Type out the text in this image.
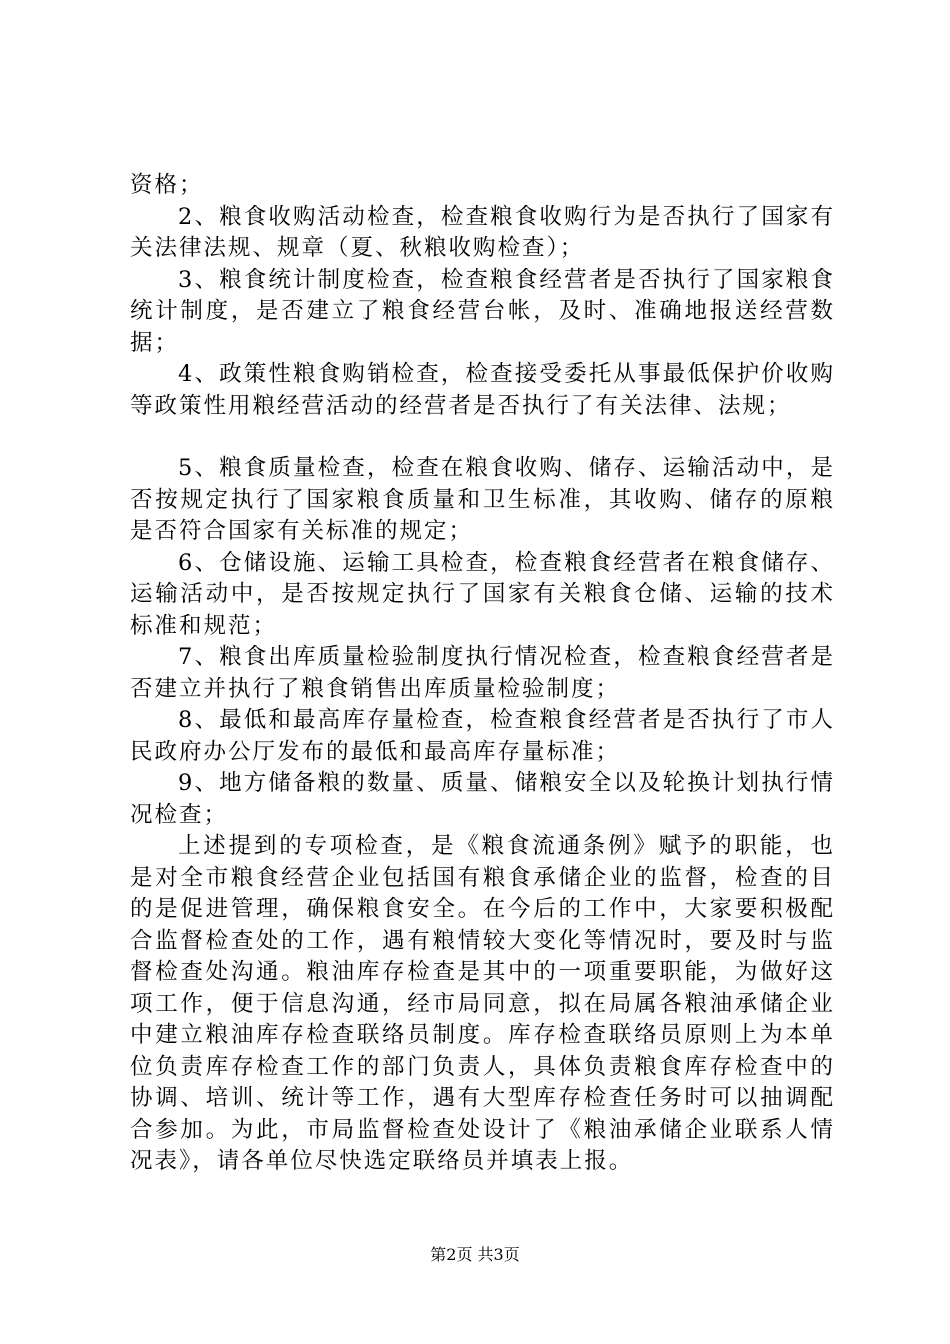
资格；

2、粮食收购活动检查，检查粮食收购行为是否执行了国家有关法律法规、规章（夏、秋粮收购检查）；

3、粮食统计制度检查，检查粮食经营者是否执行了国家粮食统计制度，是否建立了粮食经营台帐，及时、准确地报送经营数据；

4、政策性粮食购销检查，检查接受委托从事最低保护价收购等政策性用粮经营活动的经营者是否执行了有关法律、法规；

5、粮食质量检查，检查在粮食收购、储存、运输活动中，是否按规定执行了国家粮食质量和卫生标准，其收购、储存的原粮是否符合国家有关标准的规定；

6、仓储设施、运输工具检查，检查粮食经营者在粮食储存、运输活动中，是否按规定执行了国家有关粮食仓储、运输的技术标准和规范；

7、粮食出库质量检验制度执行情况检查，检查粮食经营者是否建立并执行了粮食销售出库质量检验制度；

8、最低和最高库存量检查，检查粮食经营者是否执行了市人民政府办公厅发布的最低和最高库存量标准；

9、地方储备粮的数量、质量、储粮安全以及轮换计划执行情况检查；

上述提到的专项检查，是《粮食流通条例》赋予的职能，也是对全市粮食经营企业包括国有粮食承储企业的监督，检查的目的是促进管理，确保粮食安全。在今后的工作中，大家要积极配合监督检查处的工作，遇有粮情较大变化等情况时，要及时与监督检查处沟通。粮油库存检查是其中的一项重要职能，为做好这项工作，便于信息沟通，经市局同意，拟在局属各粮油承储企业中建立粮油库存检查联络员制度。库存检查联络员原则上为本单位负责库存检查工作的部门负责人，具体负责粮食库存检查中的协调、培训、统计等工作，遇有大型库存检查任务时可以抽调配合参加。为此，市局监督检查处设计了《粮油承储企业联系人情况表》，请各单位尽快选定联络员并填表上报。

第2页 共3页
